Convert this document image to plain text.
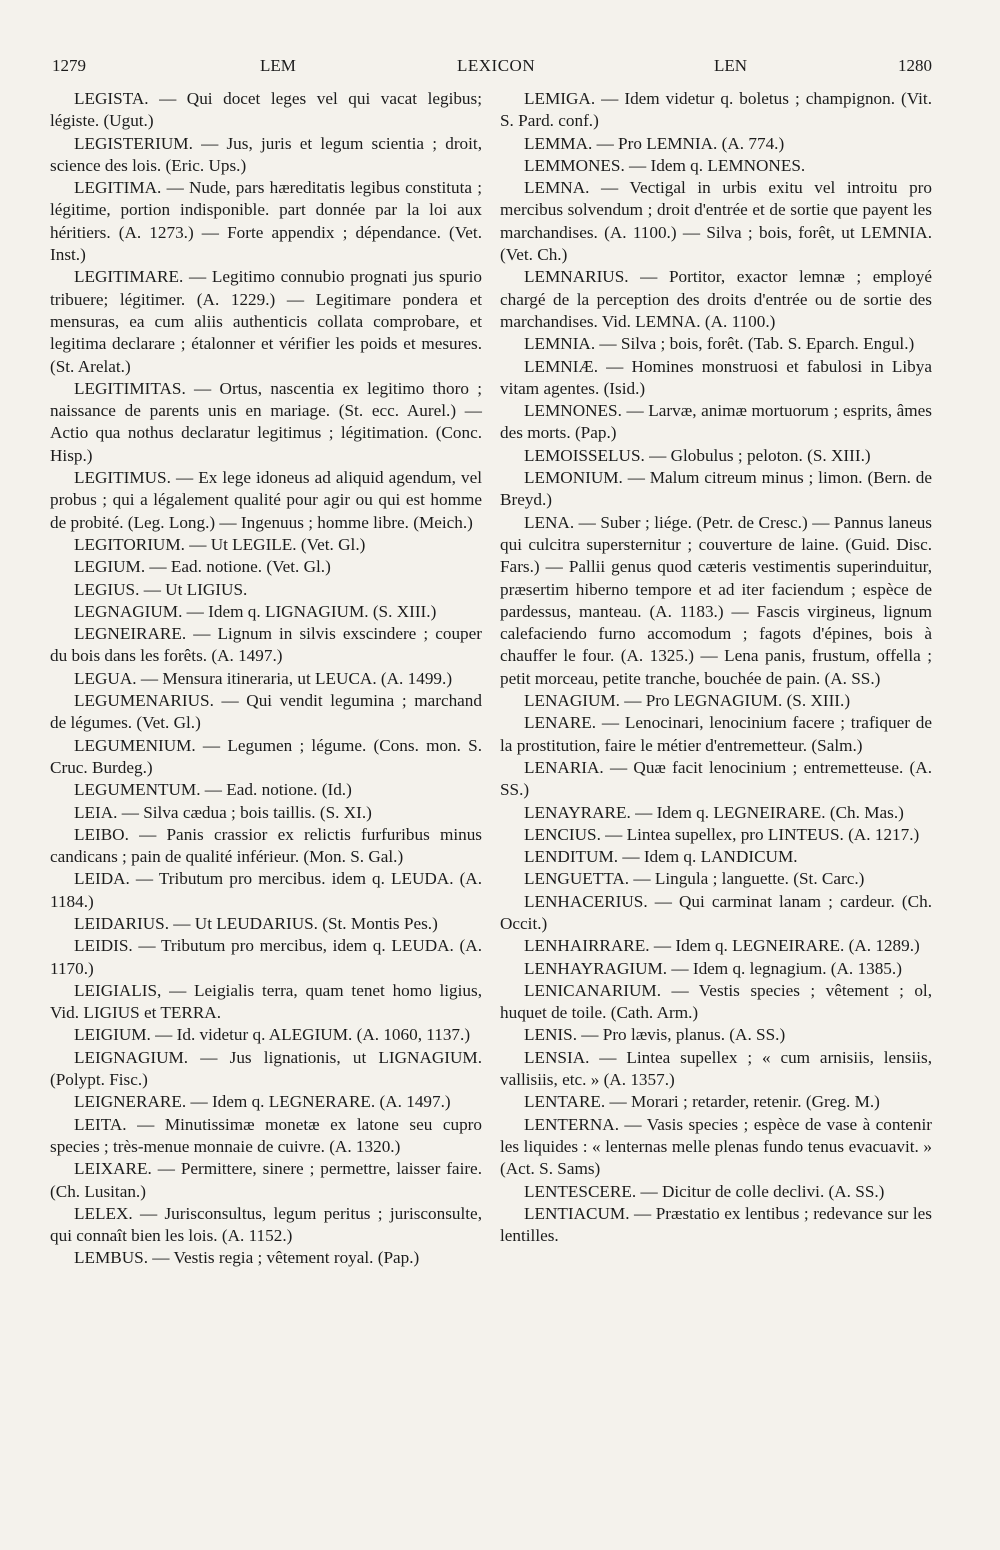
1279	LEM	LEXICON	LEN	1280

LEGISTA. — Qui docet leges vel qui vacat legibus; légiste. (Ugut.)

LEGISTERIUM. — Jus, juris et legum scientia ; droit, science des lois. (Eric. Ups.)

LEGITIMA. — Nude, pars hæreditatis legibus constituta ; légitime, portion indisponible. part donnée par la loi aux héritiers. (A. 1273.) — Forte appendix ; dépendance. (Vet. Inst.)

LEGITIMARE. — Legitimo connubio prognati jus spurio tribuere; légitimer. (A. 1229.) — Legitimare pondera et mensuras, ea cum aliis authenticis collata comprobare, et legitima declarare ; étalonner et vérifier les poids et mesures. (St. Arelat.)

LEGITIMITAS. — Ortus, nascentia ex legitimo thoro ; naissance de parents unis en mariage. (St. ecc. Aurel.) — Actio qua nothus declaratur legitimus ; légitimation. (Conc. Hisp.)

LEGITIMUS. — Ex lege idoneus ad aliquid agendum, vel probus ; qui a légalement qualité pour agir ou qui est homme de probité. (Leg. Long.) — Ingenuus ; homme libre. (Meich.)

LEGITORIUM. — Ut LEGILE. (Vet. Gl.)

LEGIUM. — Ead. notione. (Vet. Gl.)

LEGIUS. — Ut LIGIUS.

LEGNAGIUM. — Idem q. LIGNAGIUM. (S. XIII.)

LEGNEIRARE. — Lignum in silvis exscindere ; couper du bois dans les forêts. (A. 1497.)

LEGUA. — Mensura itineraria, ut LEUCA. (A. 1499.)

LEGUMENARIUS. — Qui vendit legumina ; marchand de légumes. (Vet. Gl.)

LEGUMENIUM. — Legumen ; légume. (Cons. mon. S. Cruc. Burdeg.)

LEGUMENTUM. — Ead. notione. (Id.)

LEIA. — Silva cædua ; bois taillis. (S. XI.)

LEIBO. — Panis crassior ex relictis furfuribus minus candicans ; pain de qualité inférieur. (Mon. S. Gal.)

LEIDA. — Tributum pro mercibus. idem q. LEUDA. (A. 1184.)

LEIDARIUS. — Ut LEUDARIUS. (St. Montis Pes.)

LEIDIS. — Tributum pro mercibus, idem q. LEUDA. (A. 1170.)

LEIGIALIS, — Leigialis terra, quam tenet homo ligius, Vid. LIGIUS et TERRA.

LEIGIUM. — Id. videtur q. ALEGIUM. (A. 1060, 1137.)

LEIGNAGIUM. — Jus lignationis, ut LIGNAGIUM. (Polypt. Fisc.)

LEIGNERARE. — Idem q. LEGNERARE. (A. 1497.)

LEITA. — Minutissimæ monetæ ex latone seu cupro species ; très-menue monnaie de cuivre. (A. 1320.)

LEIXARE. — Permittere, sinere ; permettre, laisser faire. (Ch. Lusitan.)

LELEX. — Jurisconsultus, legum peritus ; jurisconsulte, qui connaît bien les lois. (A. 1152.)

LEMBUS. — Vestis regia ; vêtement royal. (Pap.)

LEMIGA. — Idem videtur q. boletus ; champignon. (Vit. S. Pard. conf.)

LEMMA. — Pro LEMNIA. (A. 774.)

LEMMONES. — Idem q. LEMNONES.

LEMNA. — Vectigal in urbis exitu vel introitu pro mercibus solvendum ; droit d'entrée et de sortie que payent les marchandises. (A. 1100.) — Silva ; bois, forêt, ut LEMNIA. (Vet. Ch.)

LEMNARIUS. — Portitor, exactor lemnæ ; employé chargé de la perception des droits d'entrée ou de sortie des marchandises. Vid. LEMNA. (A. 1100.)

LEMNIA. — Silva ; bois, forêt. (Tab. S. Eparch. Engul.)

LEMNIÆ. — Homines monstruosi et fabulosi in Libya vitam agentes. (Isid.)

LEMNONES. — Larvæ, animæ mortuorum ; esprits, âmes des morts. (Pap.)

LEMOISSELUS. — Globulus ; peloton. (S. XIII.)

LEMONIUM. — Malum citreum minus ; limon. (Bern. de Breyd.)

LENA. — Suber ; liége. (Petr. de Cresc.) — Pannus laneus qui culcitra supersternitur ; couverture de laine. (Guid. Disc. Fars.) — Pallii genus quod cæteris vestimentis superinduitur, præsertim hiberno tempore et ad iter faciendum ; espèce de pardessus, manteau. (A. 1183.) — Fascis virgineus, lignum calefaciendo furno accomodum ; fagots d'épines, bois à chauffer le four. (A. 1325.) — Lena panis, frustum, offella ; petit morceau, petite tranche, bouchée de pain. (A. SS.)

LENAGIUM. — Pro LEGNAGIUM. (S. XIII.)

LENARE. — Lenocinari, lenocinium facere ; trafiquer de la prostitution, faire le métier d'entremetteur. (Salm.)

LENARIA. — Quæ facit lenocinium ; entremetteuse. (A. SS.)

LENAYRARE. — Idem q. LEGNEIRARE. (Ch. Mas.)

LENCIUS. — Lintea supellex, pro LINTEUS. (A. 1217.)

LENDITUM. — Idem q. LANDICUM.

LENGUETTA. — Lingula ; languette. (St. Carc.)

LENHACERIUS. — Qui carminat lanam ; cardeur. (Ch. Occit.)

LENHAIRRARE. — Idem q. LEGNEIRARE. (A. 1289.)

LENHAYRAGIUM. — Idem q. legnagium. (A. 1385.)

LENICANARIUM. — Vestis species ; vêtement ; ol, huquet de toile. (Cath. Arm.)

LENIS. — Pro lævis, planus. (A. SS.)

LENSIA. — Lintea supellex ; « cum arnisiis, lensiis, vallisiis, etc. » (A. 1357.)

LENTARE. — Morari ; retarder, retenir. (Greg. M.)

LENTERNA. — Vasis species ; espèce de vase à contenir les liquides : « lenternas melle plenas fundo tenus evacuavit. » (Act. S. Sams)

LENTESCERE. — Dicitur de colle declivi. (A. SS.)

LENTIACUM. — Præstatio ex lentibus ; redevance sur les lentilles.
